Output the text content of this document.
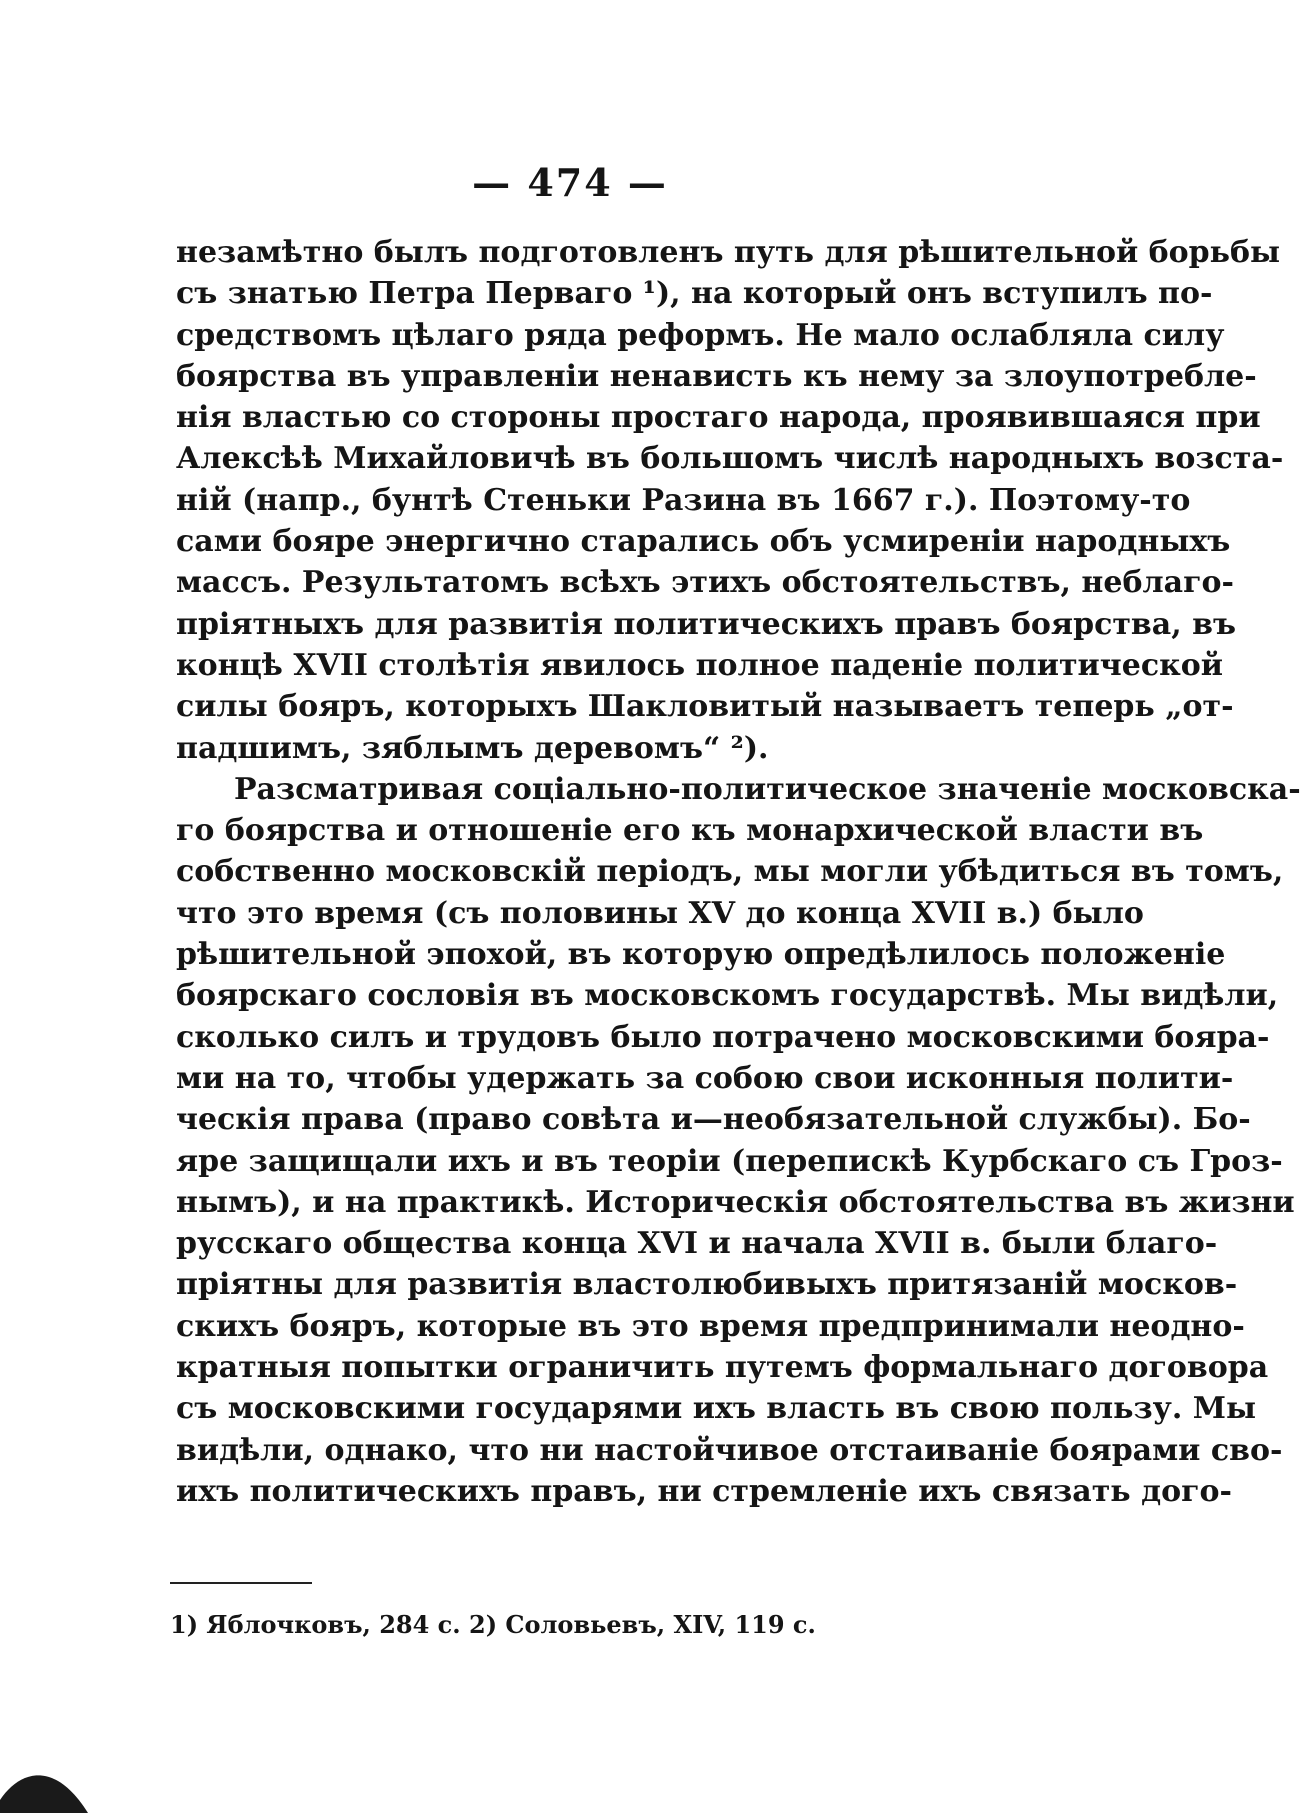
— 474 —
незамѣтно былъ подготовленъ путь для рѣшительной борьбы
съ знатью Петра Перваго ¹), на который онъ вступилъ по-
средствомъ цѣлаго ряда реформъ. Не мало ослабляла силу
боярства въ управленіи ненависть къ нему за злоупотребле-
нія властью со стороны простаго народа, проявившаяся при
Алексѣѣ Михайловичѣ въ большомъ числѣ народныхъ возста-
ній (напр., бунтѣ Стеньки Разина въ 1667 г.). Поэтому-то
сами бояре энергично старались объ усмиреніи народныхъ
массъ. Результатомъ всѣхъ этихъ обстоятельствъ, неблаго-
пріятныхъ для развитія политическихъ правъ боярства, въ
концѣ XVII столѣтія явилось полное паденіе политической
силы бояръ, которыхъ Шакловитый называетъ теперь „от-
падшимъ, зяблымъ деревомъ“ ²).
Разсматривая соціально-политическое значеніе московска-
го боярства и отношеніе его къ монархической власти въ
собственно московскій періодъ, мы могли убѣдиться въ томъ,
что это время (съ половины XV до конца XVII в.) было
рѣшительной эпохой, въ которую опредѣлилось положеніе
боярскаго сословія въ московскомъ государствѣ. Мы видѣли,
сколько силъ и трудовъ было потрачено московскими бояра-
ми на то, чтобы удержать за собою свои исконныя полити-
ческія права (право совѣта и—необязательной службы). Бо-
яре защищали ихъ и въ теоріи (перепискѣ Курбскаго съ Гроз-
нымъ), и на практикѣ. Историческія обстоятельства въ жизни
русскаго общества конца XVI и начала XVII в. были благо-
пріятны для развитія властолюбивыхъ притязаній москов-
скихъ бояръ, которые въ это время предпринимали неодно-
кратныя попытки ограничить путемъ формальнаго договора
съ московскими государями ихъ власть въ свою пользу. Мы
видѣли, однако, что ни настойчивое отстаиваніе боярами сво-
ихъ политическихъ правъ, ни стремленіе ихъ связать дого-
1) Яблочковъ, 284 с. 2) Соловьевъ, XIV, 119 с.
